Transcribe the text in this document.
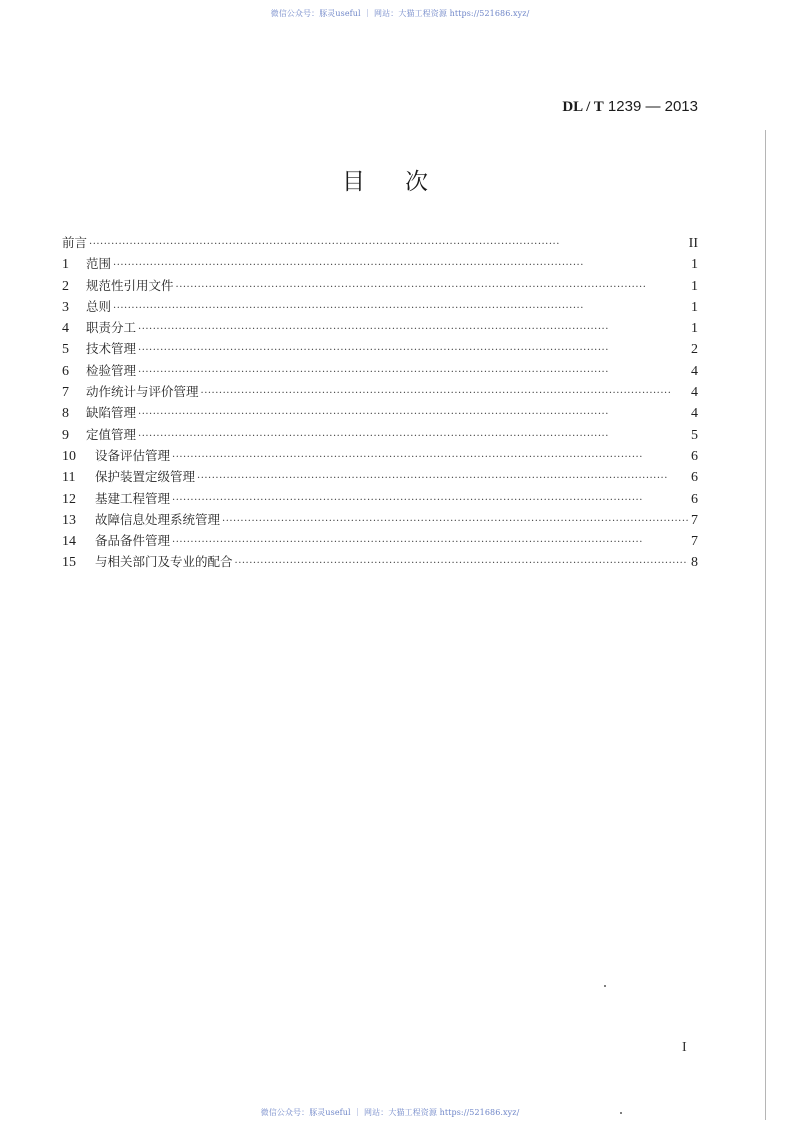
微信公众号：豚灵useful ｜ 网站：大猫工程资源 https://521686.xyz/
DL / T 1239 — 2013
目次
前言 ·····	II
1	范围 ·····	1
2	规范性引用文件 ·····	1
3	总则 ·····	1
4	职责分工 ·····	1
5	技术管理 ·····	2
6	检验管理 ·····	4
7	动作统计与评价管理 ·····	4
8	缺陷管理 ·····	4
9	定值管理 ·····	5
10	设备评估管理 ·····	6
11	保护装置定级管理 ·····	6
12	基建工程管理 ·····	6
13	故障信息处理系统管理 ·····	7
14	备品备件管理 ·····	7
15	与相关部门及专业的配合 ·····	8
I
微信公众号：豚灵useful ｜ 网站：大猫工程资源 https://521686.xyz/
